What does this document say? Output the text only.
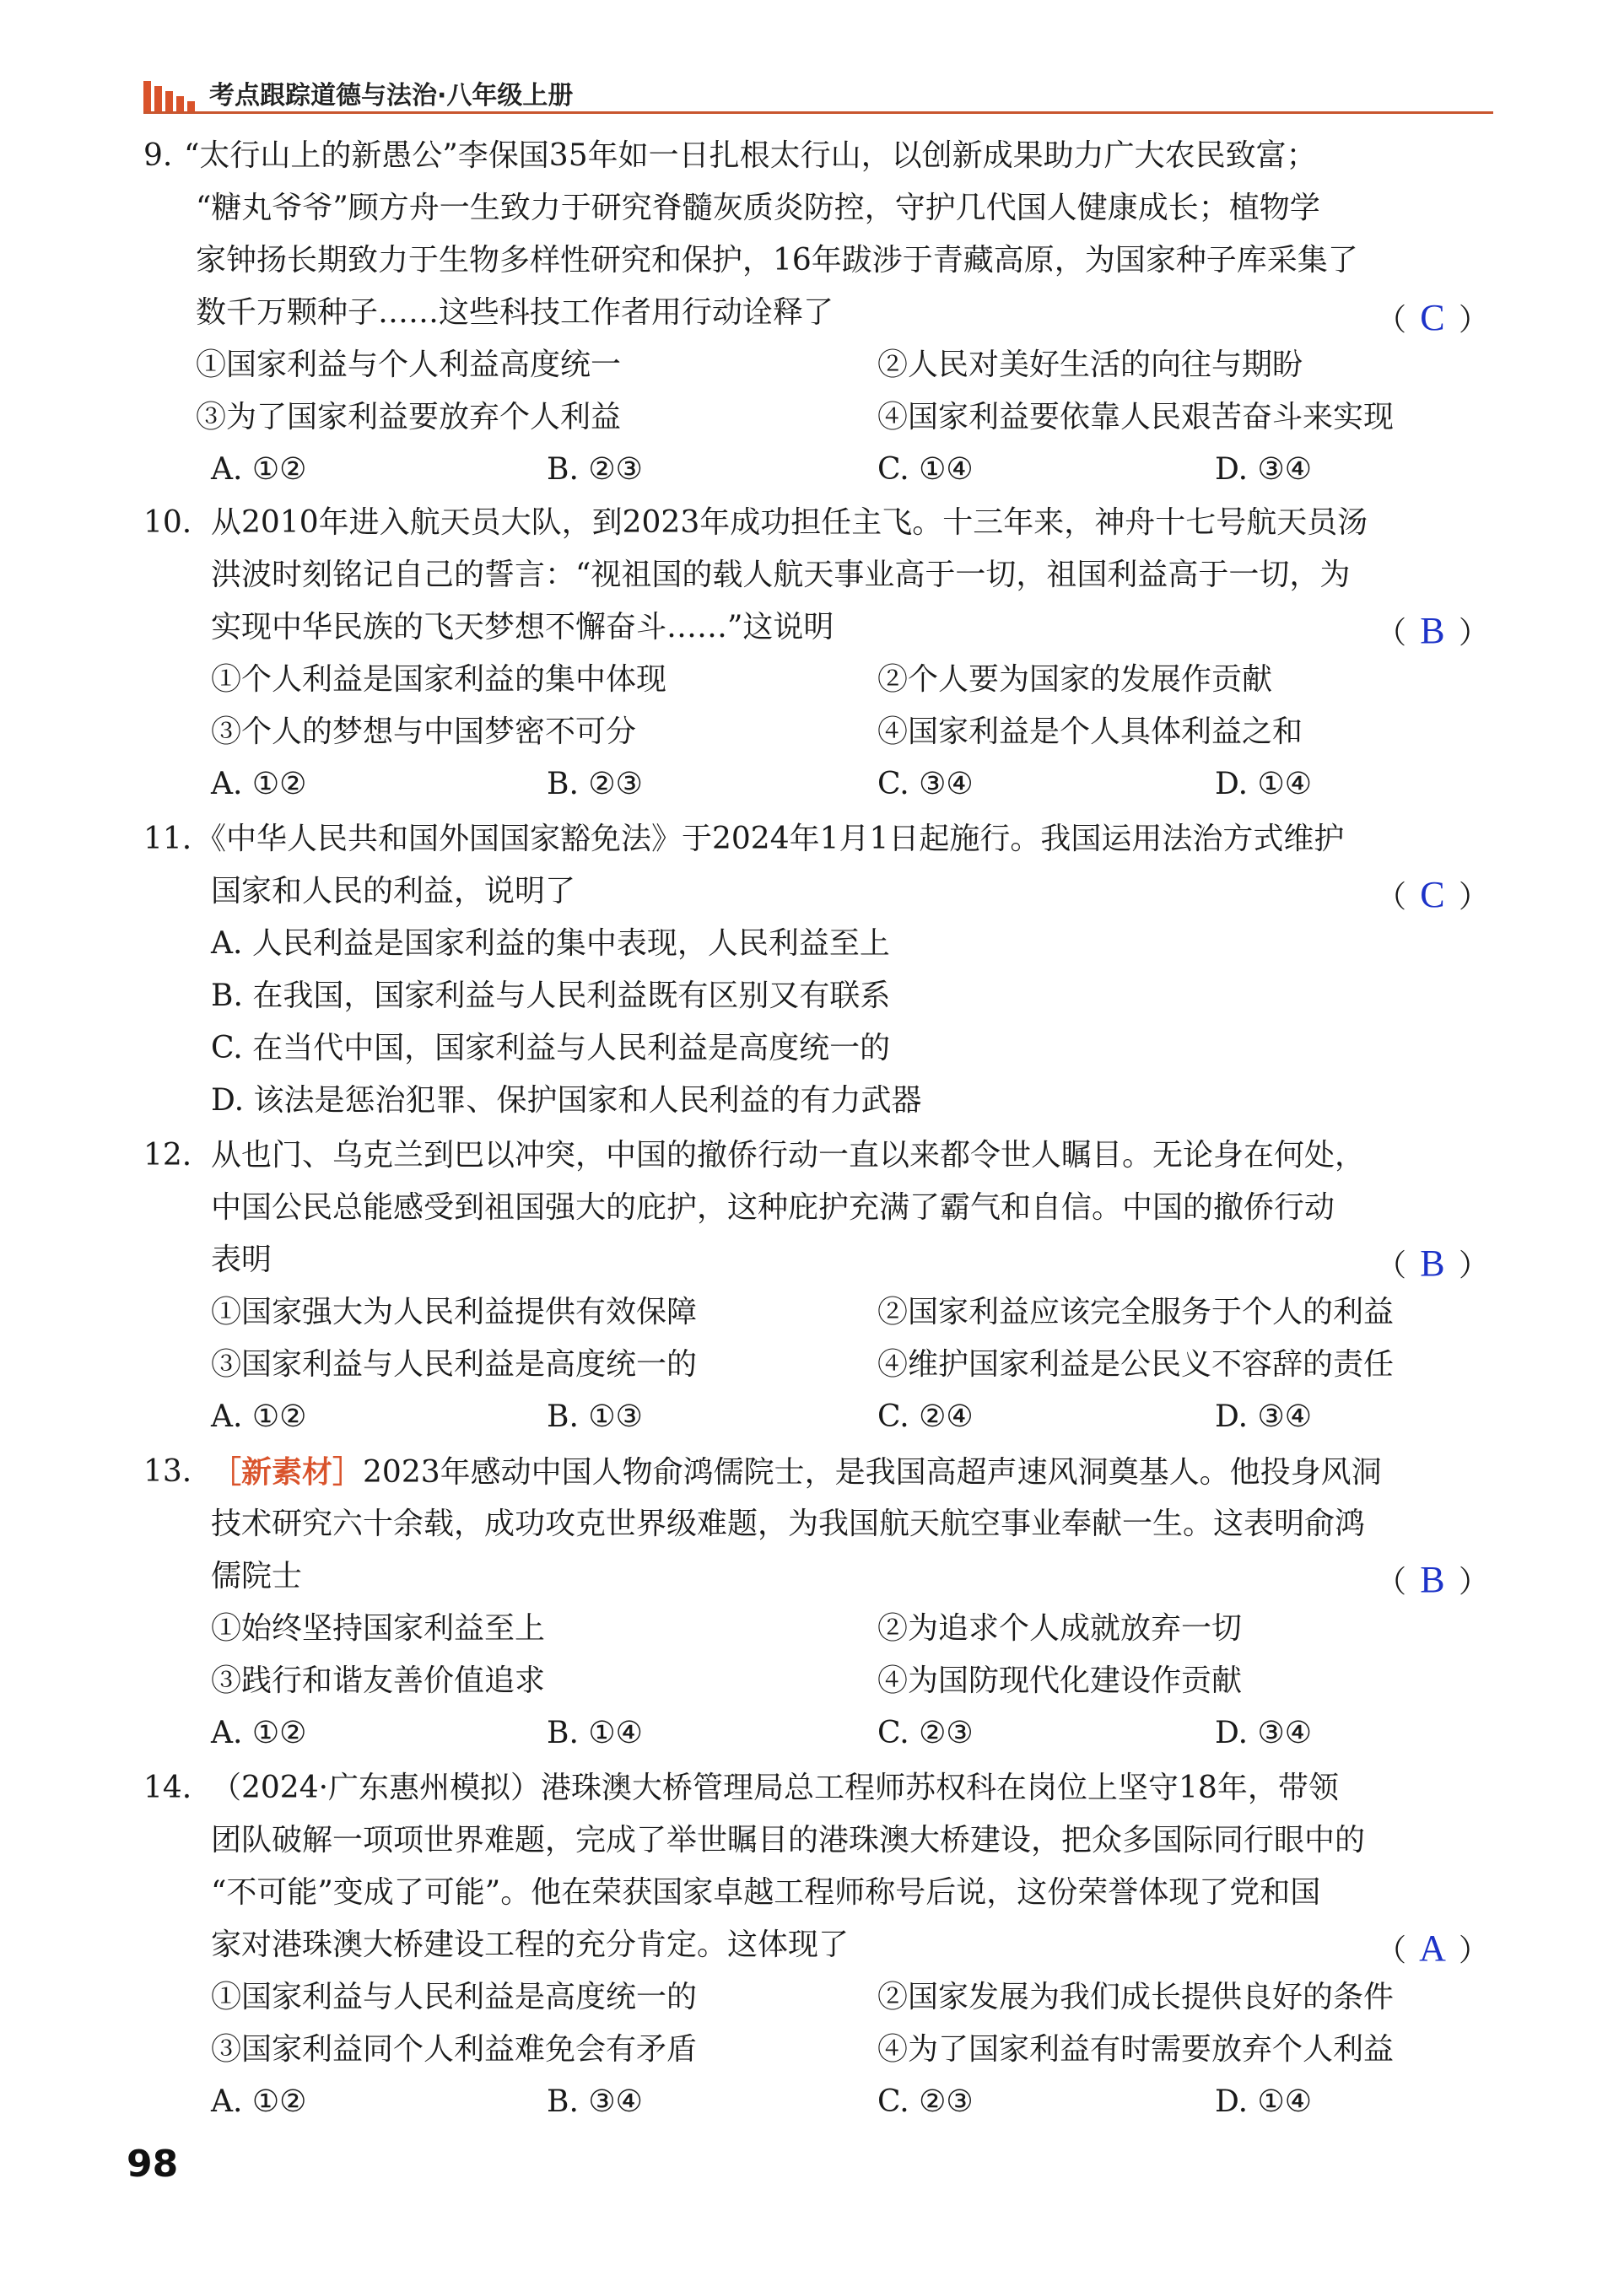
考点跟踪道德与法治·八年级上册
9. “太行山上的新愚公”李保国35年如一日扎根太行山，以创新成果助力广大农民致富；
“糖丸爷爷”顾方舟一生致力于研究脊髓灰质炎防控，守护几代国人健康成长；植物学
家钟扬长期致力于生物多样性研究和保护，16年跋涉于青藏高原，为国家种子库采集了
数千万颗种子……这些科技工作者用行动诠释了	（ C ）
①国家利益与个人利益高度统一	②人民对美好生活的向往与期盼
③为了国家利益要放弃个人利益	④国家利益要依靠人民艰苦奋斗来实现
A. ①②	B. ②③	C. ①④	D. ③④
10. 从2010年进入航天员大队，到2023年成功担任主飞。十三年来，神舟十七号航天员汤
洪波时刻铭记自己的誓言：“视祖国的载人航天事业高于一切，祖国利益高于一切，为
实现中华民族的飞天梦想不懈奋斗……”这说明	（ B ）
①个人利益是国家利益的集中体现	②个人要为国家的发展作贡献
③个人的梦想与中国梦密不可分	④国家利益是个人具体利益之和
A. ①②	B. ②③	C. ③④	D. ①④
11. 《中华人民共和国外国国家豁免法》于2024年1月1日起施行。我国运用法治方式维护
国家和人民的利益，说明了	（ C ）
A. 人民利益是国家利益的集中表现，人民利益至上
B. 在我国，国家利益与人民利益既有区别又有联系
C. 在当代中国，国家利益与人民利益是高度统一的
D. 该法是惩治犯罪、保护国家和人民利益的有力武器
12. 从也门、乌克兰到巴以冲突，中国的撤侨行动一直以来都令世人瞩目。无论身在何处，
中国公民总能感受到祖国强大的庇护，这种庇护充满了霸气和自信。中国的撤侨行动
表明	（ B ）
①国家强大为人民利益提供有效保障	②国家利益应该完全服务于个人的利益
③国家利益与人民利益是高度统一的	④维护国家利益是公民义不容辞的责任
A. ①②	B. ①③	C. ②④	D. ③④
13. ［新素材］2023年感动中国人物俞鸿儒院士，是我国高超声速风洞奠基人。他投身风洞
技术研究六十余载，成功攻克世界级难题，为我国航天航空事业奉献一生。这表明俞鸿
儒院士	（ B ）
①始终坚持国家利益至上	②为追求个人成就放弃一切
③践行和谐友善价值追求	④为国防现代化建设作贡献
A. ①②	B. ①④	C. ②③	D. ③④
14. （2024·广东惠州模拟）港珠澳大桥管理局总工程师苏权科在岗位上坚守18年，带领
团队破解一项项世界难题，完成了举世瞩目的港珠澳大桥建设，把众多国际同行眼中的
“不可能”变成了可能”。他在荣获国家卓越工程师称号后说，这份荣誉体现了党和国
家对港珠澳大桥建设工程的充分肯定。这体现了	（ A ）
①国家利益与人民利益是高度统一的	②国家发展为我们成长提供良好的条件
③国家利益同个人利益难免会有矛盾	④为了国家利益有时需要放弃个人利益
A. ①②	B. ③④	C. ②③	D. ①④
98
